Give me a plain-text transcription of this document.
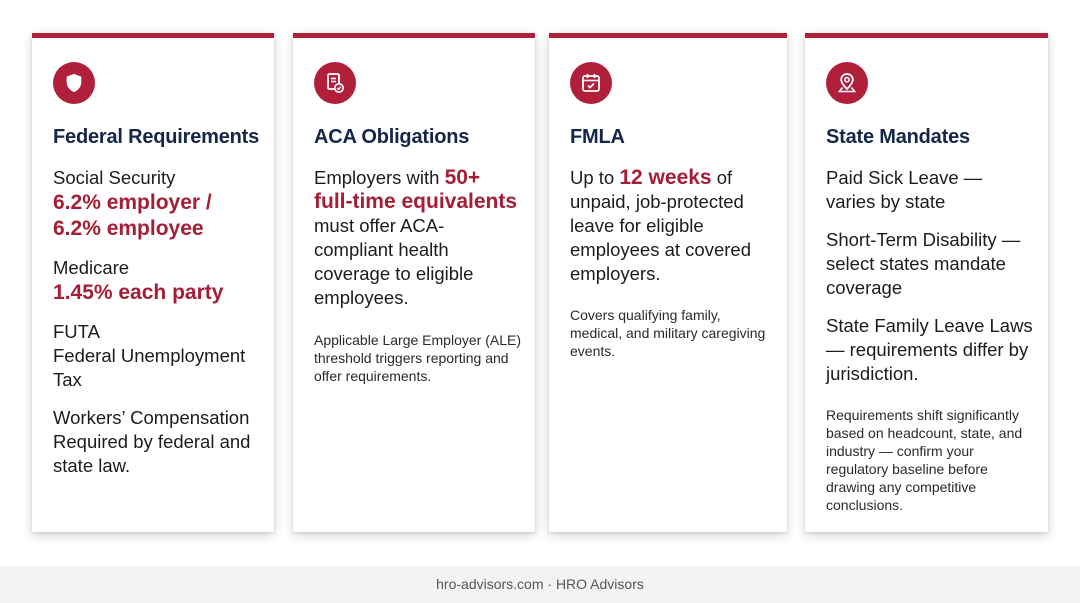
Federal Requirements
Social Security
6.2% employer / 6.2% employee
Medicare
1.45% each party
FUTA
Federal Unemployment Tax
Workers’ Compensation
Required by federal and state law.
ACA Obligations
Employers with 50+ full-time equivalents must offer ACA-compliant health coverage to eligible employees.
Applicable Large Employer (ALE) threshold triggers reporting and offer requirements.
FMLA
Up to 12 weeks of unpaid, job-protected leave for eligible employees at covered employers.
Covers qualifying family, medical, and military caregiving events.
State Mandates
Paid Sick Leave — varies by state
Short-Term Disability — select states mandate coverage
State Family Leave Laws — requirements differ by jurisdiction.
Requirements shift significantly based on headcount, state, and industry — confirm your regulatory baseline before drawing any competitive conclusions.
hro-advisors.com · HRO Advisors
